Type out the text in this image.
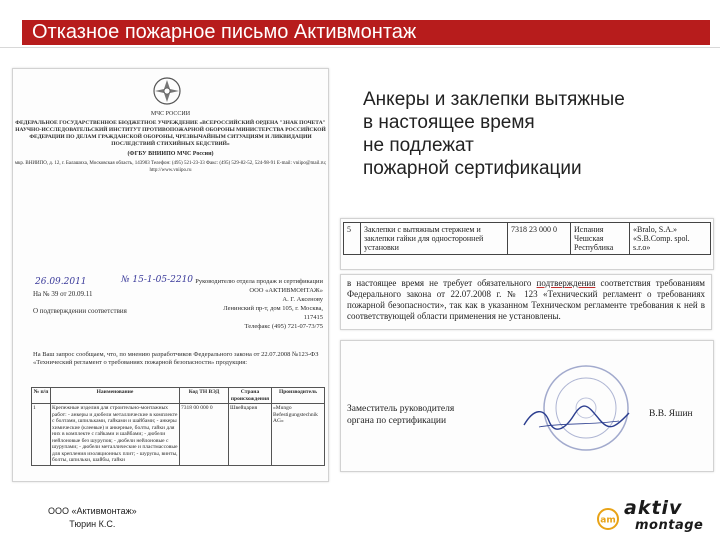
Отказное пожарное письмо Активмонтаж
МЧС РОССИИ
ФЕДЕРАЛЬНОЕ ГОСУДАРСТВЕННОЕ БЮДЖЕТНОЕ УЧРЕЖДЕНИЕ «ВСЕРОССИЙСКИЙ ОРДЕНА "ЗНАК ПОЧЕТА" НАУЧНО-ИССЛЕДОВАТЕЛЬСКИЙ ИНСТИТУТ ПРОТИВОПОЖАРНОЙ ОБОРОНЫ МИНИСТЕРСТВА РОССИЙСКОЙ ФЕДЕРАЦИИ ПО ДЕЛАМ ГРАЖДАНСКОЙ ОБОРОНЫ, ЧРЕЗВЫЧАЙНЫМ СИТУАЦИЯМ И ЛИКВИДАЦИИ ПОСЛЕДСТВИЙ СТИХИЙНЫХ БЕДСТВИЙ»
(ФГБУ ВНИИПО МЧС России)
мкр. ВНИИПО, д. 12, г. Балашиха, Московская область, 143903 Телефон: (495) 521-23-33 Факс: (495) 529-82-52, 524-98-91 E-mail: vniipo@mail.ru; http://www.vniipo.ru
26.09.2011	№ 15-1-05-2210
На № 39 от 20.09.11
Руководителю отдела продаж и сертификации
ООО «АКТИВМОНТАЖ»
А. Г. Аксенову
Ленинский пр-т, дом 105, г. Москва,
117415
Телефакс (495) 721-07-73/75
О подтверждении соответствия
На Ваш запрос сообщаем, что, по мнению разработчиков Федерального закона от 22.07.2008 №123-ФЗ «Технический регламент о требованиях пожарной безопасности» продукция:
№ п/п	Наименование	Код ТН ВЭД	Страна происхождения	Производитель
1	Крепежные изделия для строительно-монтажных работ: - анкеры и дюбели металлические в комплекте с болтами, шпильками, гайками и шайбами; - анкеры химические (клеевые) и анкерные, болты, гайки для них в комплекте с гайками и шайбами; - дюбели нейлоновые без шурупов; - дюбели нейлоновые с шурупами; - дюбели металлические и пластмассовые для крепления изоляционных плит; - шурупы, винты, болты, шпильки, шайбы, гайки	7318 00 000 0	Швейцария	«Mungo Befestigungstechnik AG»
ООО «Активмонтаж»
Тюрин К.С.
Анкеры и заклепки вытяжные
в настоящее время
не подлежат
пожарной сертификации
5	Заклепки с вытяжным стержнем и заклепки гайки для односторонней установки	7318 23 000 0	Испания Чешская Республика	«Bralo, S.A.» «S.B.Comp. spol. s.r.o»
в настоящее время не требует обязательного подтверждения соответствия требованиям Федерального закона от 22.07.2008 г. № 123 «Технический регламент о требованиях пожарной безопасности», так как в указанном Техническом регламенте требования к ней в соответствующей области применения не установлены.
Заместитель руководителя
органа по сертификации
В.В. Яшин
am
aktiv
montage
